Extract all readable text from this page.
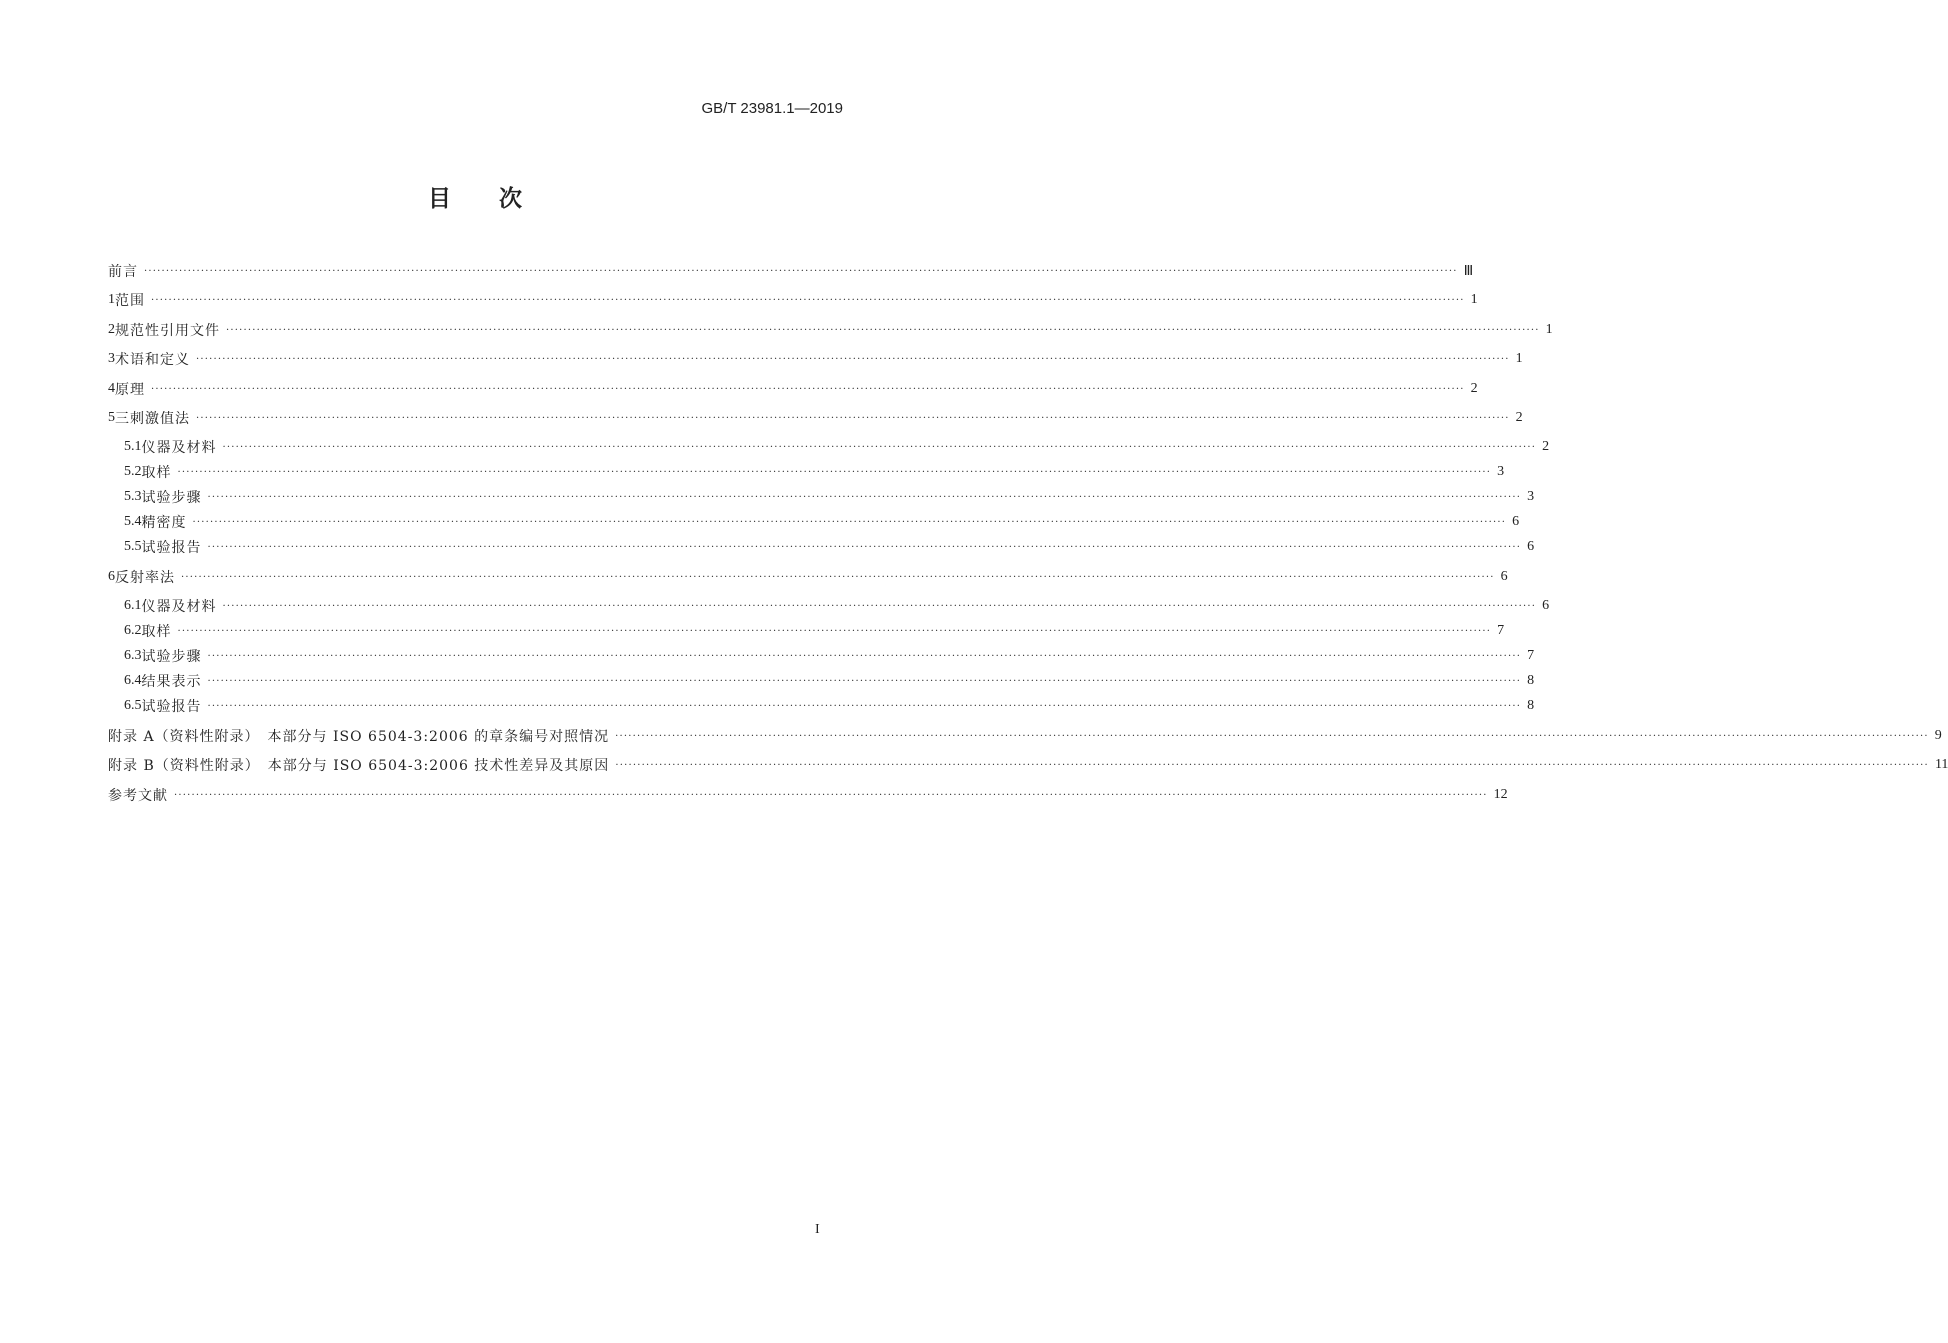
GB/T 23981.1—2019
目次
前言 ············································································································································································································································································································ Ⅲ
1 范围 ············································································································································································································································································································ 1
2 规范性引用文件 ············································································································································································································································································································ 1
3 术语和定义 ············································································································································································································································································································ 1
4 原理 ············································································································································································································································································································ 2
5 三刺激值法 ············································································································································································································································································································ 2
5.1 仪器及材料 ············································································································································································································································································································ 2
5.2 取样 ············································································································································································································································································································ 3
5.3 试验步骤 ············································································································································································································································································································ 3
5.4 精密度 ············································································································································································································································································································ 6
5.5 试验报告 ············································································································································································································································································································ 6
6 反射率法 ············································································································································································································································································································ 6
6.1 仪器及材料 ············································································································································································································································································································ 6
6.2 取样 ············································································································································································································································································································ 7
6.3 试验步骤 ············································································································································································································································································································ 7
6.4 结果表示 ············································································································································································································································································································ 8
6.5 试验报告 ············································································································································································································································································································ 8
附录 A（资料性附录）　本部分与 ISO 6504-3:2006 的章条编号对照情况 ············································································································································································································································································································ 9
附录 B（资料性附录）　本部分与 ISO 6504-3:2006 技术性差异及其原因 ············································································································································································································································································································ 11
参考文献 ············································································································································································································································································································ 12
I
